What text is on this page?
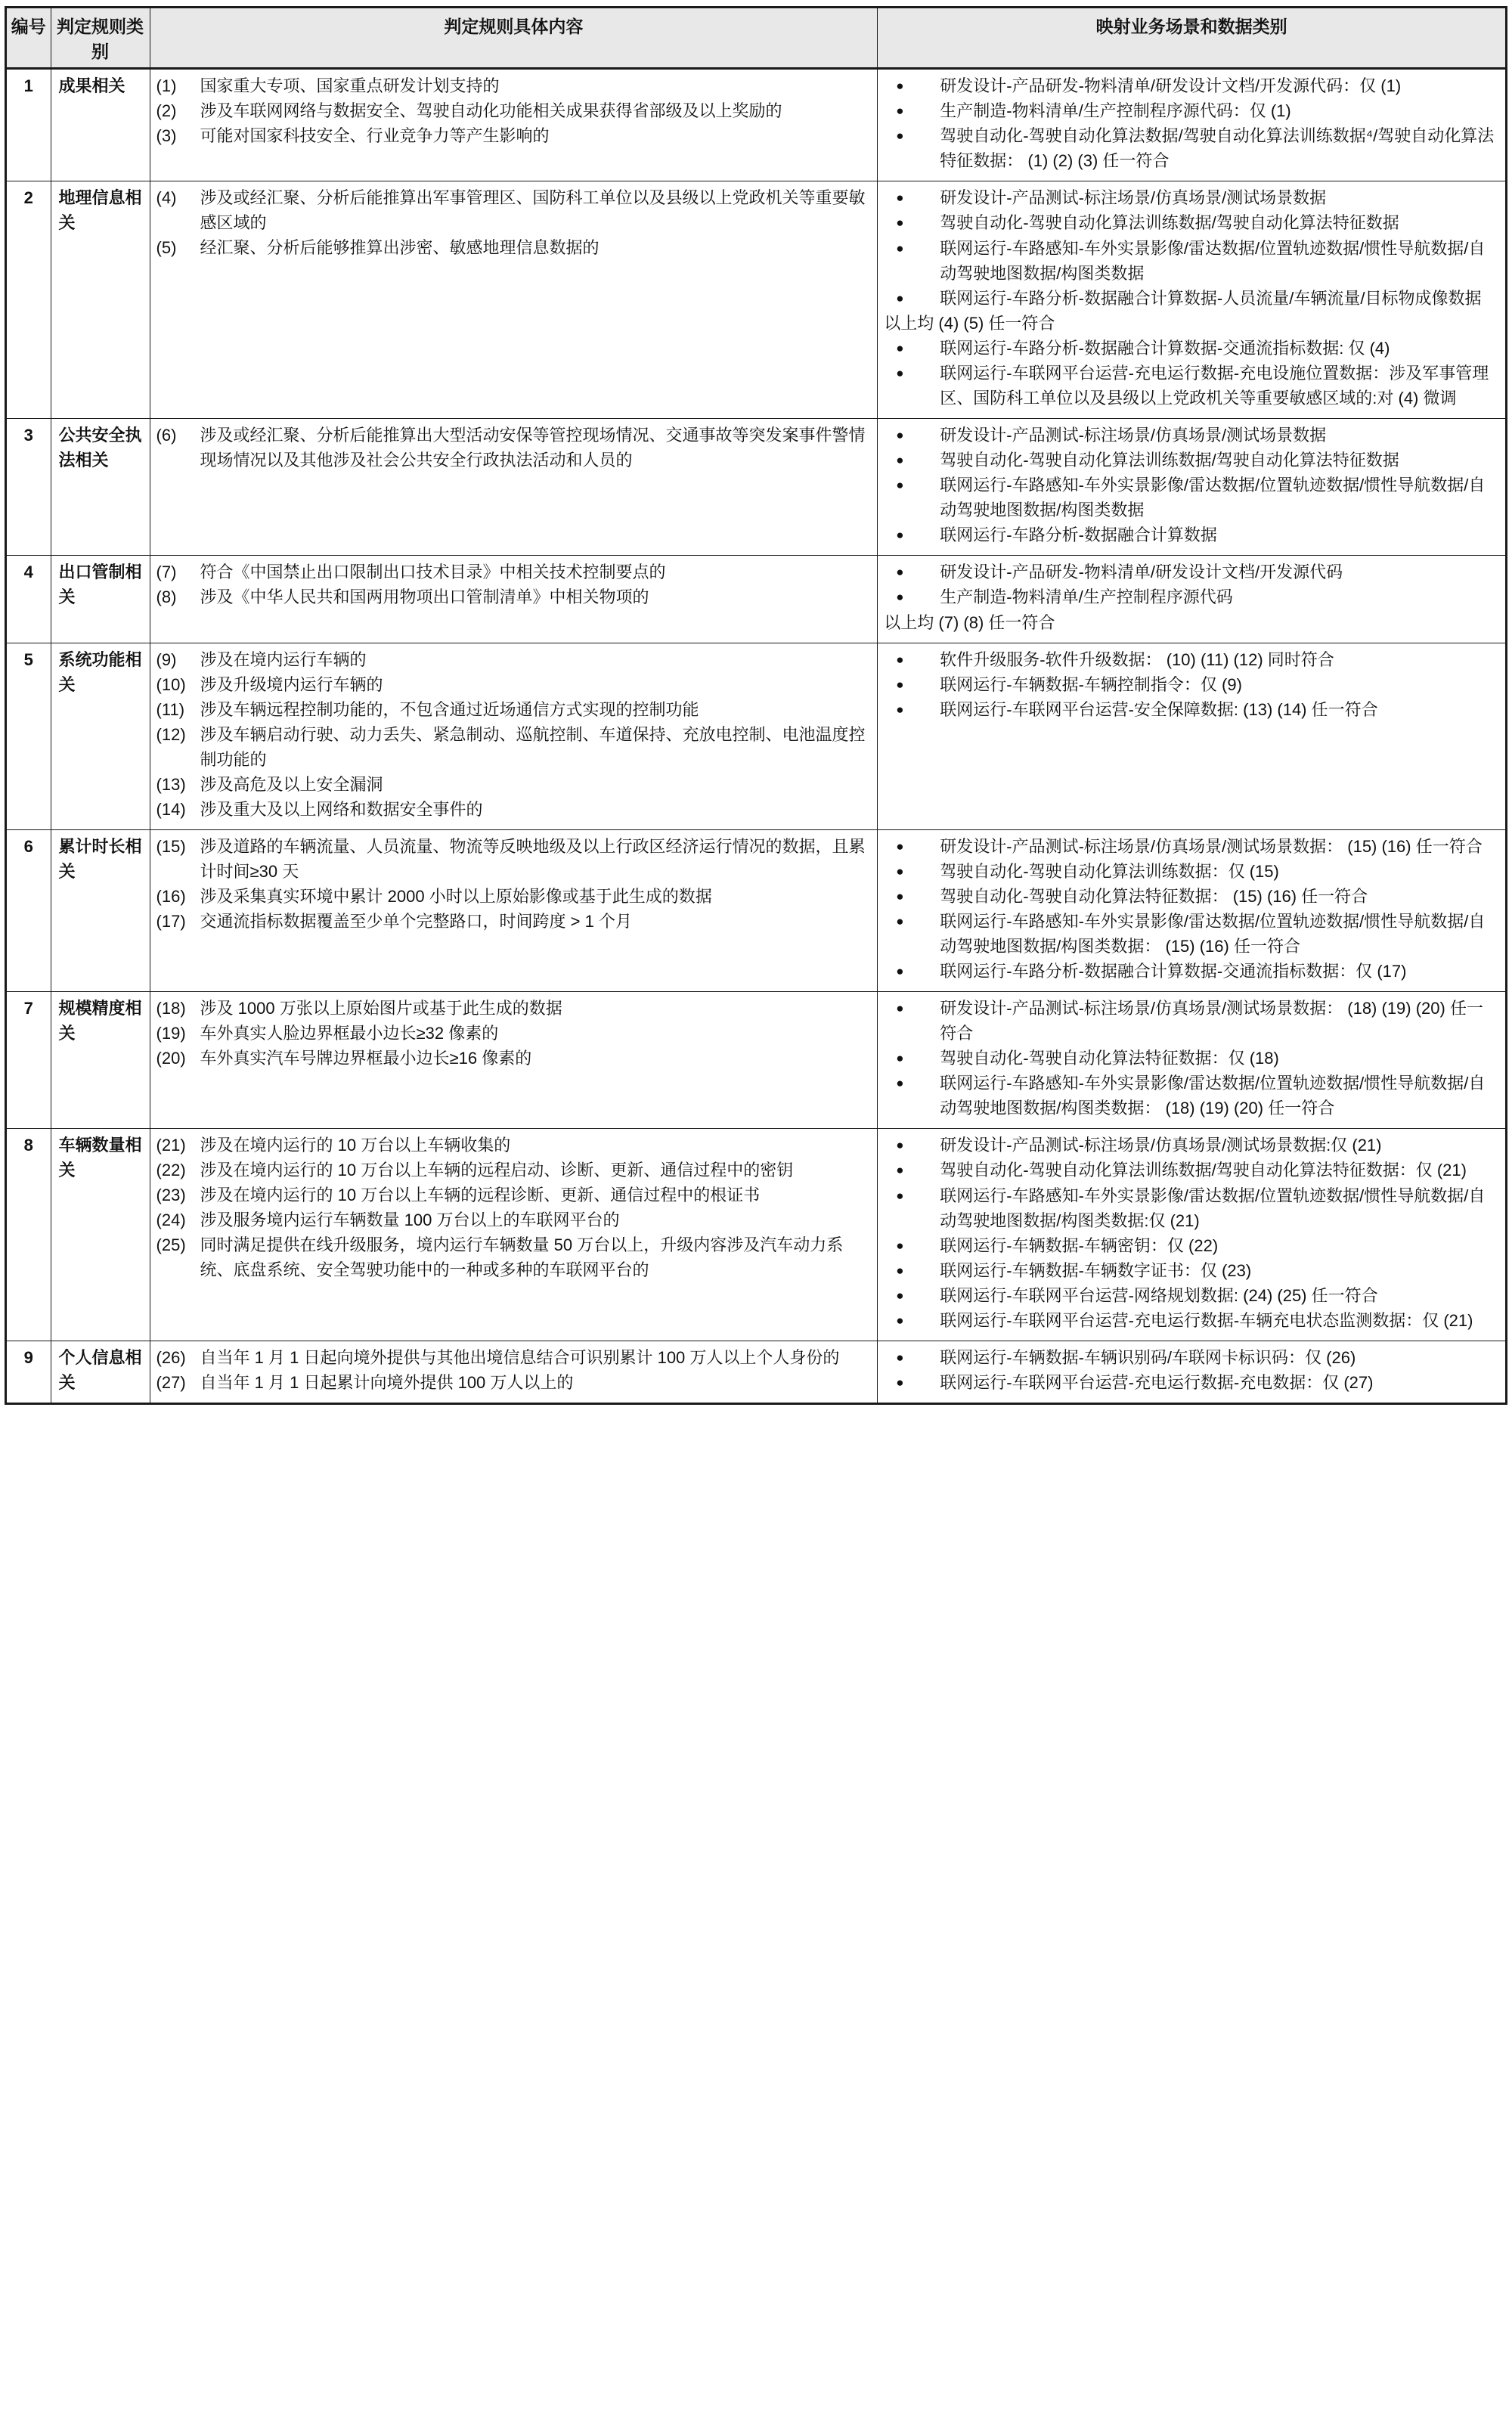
编号	判定规则类别	判定规则具体内容	映射业务场景和数据类别
1	成果相关	(1)	国家重大专项、国家重点研发计划支持的
(2)	涉及车联网网络与数据安全、驾驶自动化功能相关成果获得省部级及以上奖励的
(3)	可能对国家科技安全、行业竞争力等产生影响的

●	研发设计-产品研发-物料清单/研发设计文档/开发源代码：仅 (1)
●	生产制造-物料清单/生产控制程序源代码：仅 (1)
●	驾驶自动化-驾驶自动化算法数据/驾驶自动化算法训练数据⁴/驾驶自动化算法特征数据： (1) (2) (3) 任一符合

2	地理信息相关	
(4)	涉及或经汇聚、分析后能推算出军事管理区、国防科工单位以及县级以上党政机关等重要敏感区域的
(5)	经汇聚、分析后能够推算出涉密、敏感地理信息数据的

●	研发设计-产品测试-标注场景/仿真场景/测试场景数据
●	驾驶自动化-驾驶自动化算法训练数据/驾驶自动化算法特征数据
●	联网运行-车路感知-车外实景影像/雷达数据/位置轨迹数据/惯性导航数据/自动驾驶地图数据/构图类数据
●	联网运行-车路分析-数据融合计算数据-人员流量/车辆流量/目标物成像数据
以上均 (4) (5) 任一符合
●	联网运行-车路分析-数据融合计算数据-交通流指标数据: 仅 (4)
●	联网运行-车联网平台运营-充电运行数据-充电设施位置数据：涉及军事管理区、国防科工单位以及县级以上党政机关等重要敏感区域的:对 (4) 微调

3	公共安全执法相关	
(6)	涉及或经汇聚、分析后能推算出大型活动安保等管控现场情况、交通事故等突发案事件警情现场情况以及其他涉及社会公共安全行政执法活动和人员的

●	研发设计-产品测试-标注场景/仿真场景/测试场景数据
●	驾驶自动化-驾驶自动化算法训练数据/驾驶自动化算法特征数据
●	联网运行-车路感知-车外实景影像/雷达数据/位置轨迹数据/惯性导航数据/自动驾驶地图数据/构图类数据
●	联网运行-车路分析-数据融合计算数据

4	出口管制相关	
(7)	符合《中国禁止出口限制出口技术目录》中相关技术控制要点的
(8)	涉及《中华人民共和国两用物项出口管制清单》中相关物项的

●	研发设计-产品研发-物料清单/研发设计文档/开发源代码
●	生产制造-物料清单/生产控制程序源代码
以上均 (7) (8) 任一符合

5	系统功能相关	
(9)	涉及在境内运行车辆的
(10) 涉及升级境内运行车辆的
(11) 涉及车辆远程控制功能的，不包含通过近场通信方式实现的控制功能
(12) 涉及车辆启动行驶、动力丢失、紧急制动、巡航控制、车道保持、充放电控制、电池温度控制功能的
(13) 涉及高危及以上安全漏洞
(14) 涉及重大及以上网络和数据安全事件的

●	软件升级服务-软件升级数据： (10) (11) (12) 同时符合
●	联网运行-车辆数据-车辆控制指令：仅 (9)
●	联网运行-车联网平台运营-安全保障数据: (13) (14) 任一符合

6	累计时长相关	
(15) 涉及道路的车辆流量、人员流量、物流等反映地级及以上行政区经济运行情况的数据，且累计时间≥30 天
(16) 涉及采集真实环境中累计 2000 小时以上原始影像或基于此生成的数据
(17) 交通流指标数据覆盖至少单个完整路口，时间跨度 > 1 个月

●	研发设计-产品测试-标注场景/仿真场景/测试场景数据： (15) (16) 任一符合
●	驾驶自动化-驾驶自动化算法训练数据：仅 (15)
●	驾驶自动化-驾驶自动化算法特征数据： (15) (16) 任一符合
●	联网运行-车路感知-车外实景影像/雷达数据/位置轨迹数据/惯性导航数据/自动驾驶地图数据/构图类数据： (15) (16) 任一符合
●	联网运行-车路分析-数据融合计算数据-交通流指标数据：仅 (17)

7	规模精度相关	
(18) 涉及 1000 万张以上原始图片或基于此生成的数据
(19) 车外真实人脸边界框最小边长≥32 像素的
(20) 车外真实汽车号牌边界框最小边长≥16 像素的

●	研发设计-产品测试-标注场景/仿真场景/测试场景数据： (18) (19) (20) 任一符合
●	驾驶自动化-驾驶自动化算法特征数据：仅 (18)
●	联网运行-车路感知-车外实景影像/雷达数据/位置轨迹数据/惯性导航数据/自动驾驶地图数据/构图类数据： (18) (19) (20) 任一符合

8	车辆数量相关	
(21) 涉及在境内运行的 10 万台以上车辆收集的
(22) 涉及在境内运行的 10 万台以上车辆的远程启动、诊断、更新、通信过程中的密钥
(23) 涉及在境内运行的 10 万台以上车辆的远程诊断、更新、通信过程中的根证书
(24) 涉及服务境内运行车辆数量 100 万台以上的车联网平台的
(25) 同时满足提供在线升级服务，境内运行车辆数量 50 万台以上，升级内容涉及汽车动力系统、底盘系统、安全驾驶功能中的一种或多种的车联网平台的

●	研发设计-产品测试-标注场景/仿真场景/测试场景数据:仅 (21)
●	驾驶自动化-驾驶自动化算法训练数据/驾驶自动化算法特征数据：仅 (21)
●	联网运行-车路感知-车外实景影像/雷达数据/位置轨迹数据/惯性导航数据/自动驾驶地图数据/构图类数据:仅 (21)
●	联网运行-车辆数据-车辆密钥：仅 (22)
●	联网运行-车辆数据-车辆数字证书：仅 (23)
●	联网运行-车联网平台运营-网络规划数据: (24) (25) 任一符合
●	联网运行-车联网平台运营-充电运行数据-车辆充电状态监测数据：仅 (21)

9	个人信息相关	
(26) 自当年 1 月 1 日起向境外提供与其他出境信息结合可识别累计 100 万人以上个人身份的
(27) 自当年 1 月 1 日起累计向境外提供 100 万人以上的

●	联网运行-车辆数据-车辆识别码/车联网卡标识码：仅 (26)
●	联网运行-车联网平台运营-充电运行数据-充电数据：仅 (27)
